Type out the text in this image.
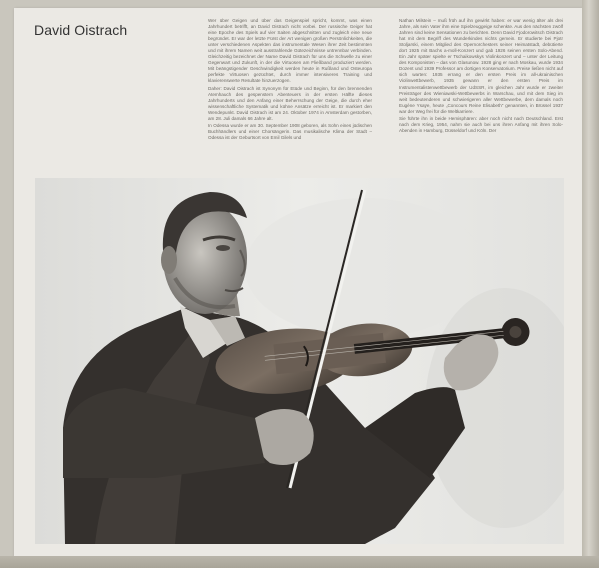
David Oistrach

Wer über Geigen und über das Geigenspiel spricht, kommt, was einen Jahrhundert betrifft, an David Oistrach nicht vorbei. Der russische Geiger hat eine Epoche des Spiels auf vier Saiten abgeschnitten und zugleich eine neue begründet. Er war der letzte Fürst der Art wenigen großen Persönlichkeiten, die unter verschiedenen Aspekten das instrumentale Wesen ihrer Zeit bestimmten und mit ihrem Namen weit ausstrahlende Gütezeichnisse untrennbar verbinden. Gleichzeitig bezeichnet der Name David Oistrach für uns die Schwelle zu einer Gegenwart und Zukunft, in der die Virtuosen am Fließband produziert werden. Mit beängstigender Geschwindigkeit werden heute in Rußland und Osteuropa perfekte Virtuosen gezüchtet, durch immer intensiveres Training und klavierenswerte Resultate hinzuerzogen.

Daher: David Oistrach ist Synonym für Etüde und Beginn, für den brennenden Atemhauch des gespenstern Abenteuers in der ersten Hälfte dieses Jahrhunderts und den Anfang einer Beherrschung der Geige, die durch eher wissenschaftliche Systematik und kühne Ansätze erreicht ist. Er markiert den Wendepunkt. David Oistrach ist am 24. Oktober 1974 in Amsterdam gestorben, am 28. Juli damals 66 Jahre alt.

In Odessa wurde er am 30. September 1908 geboren, als Sohn eines jüdischen Buchhändlers und einer Chorsängerin. Das musikalische Klima der Stadt – Odessa ist der Geburtsort von Emil Gilels und

Nathan Milstein – muß früh auf ihn gewirkt haben: er war wenig älter als drei Jahre, als sein Vater ihm eine Spielzeuggeige schenkte. Aus den nächsten zwölf Jahren sind keine Sensationen zu berichten. Denn David Fjodorowitsch Oistrach hat mit dem Begriff des Wunderkindes nichts gemein. Er studierte bei Pjotr Stoljarski, einem Mitglied des Opernorchesters seiner Heimatstadt, debütierte dort 1925 mit Bachs a-moll-Konzert und gab 1926 seinen ersten Solo-Abend. Ein Jahr später spielte er Tschaikowskys Violinkonzert und – unter der Leitung des Komponisten – das von Glasunow. 1928 ging er nach Moskau, wurde 1934 Dozent und 1939 Professor am dortigen Konservatorium. Preise ließen nicht auf sich warten: 1935 errang er den ersten Preis im all-ukrainischen Violinwettbewerb, 1935 gewann er den ersten Preis im Instrumentalistenwettbewerb der UdSSR, im gleichen Jahr wurde er zweiter Preisträger des Wieniawski-Wettbewerbs in Warschau, und mit dem Sieg im weit bedeutenderen und schwierigeren aller Wettbewerbe, dem damals noch Eugène Ysaÿe, heute „Concours Reine Elisabeth“ genannten, in Brüssel 1937 war der Weg frei für die Weltkarriere.

Sie führte ihn in beide Hemisphären: aber noch nicht nach Deutschland. Erst nach dem Krieg, 1954, nahm sie auch bei uns ihren Anfang mit ihren Solo-Abenden in Hamburg, Düsseldorf und Köln. Der
